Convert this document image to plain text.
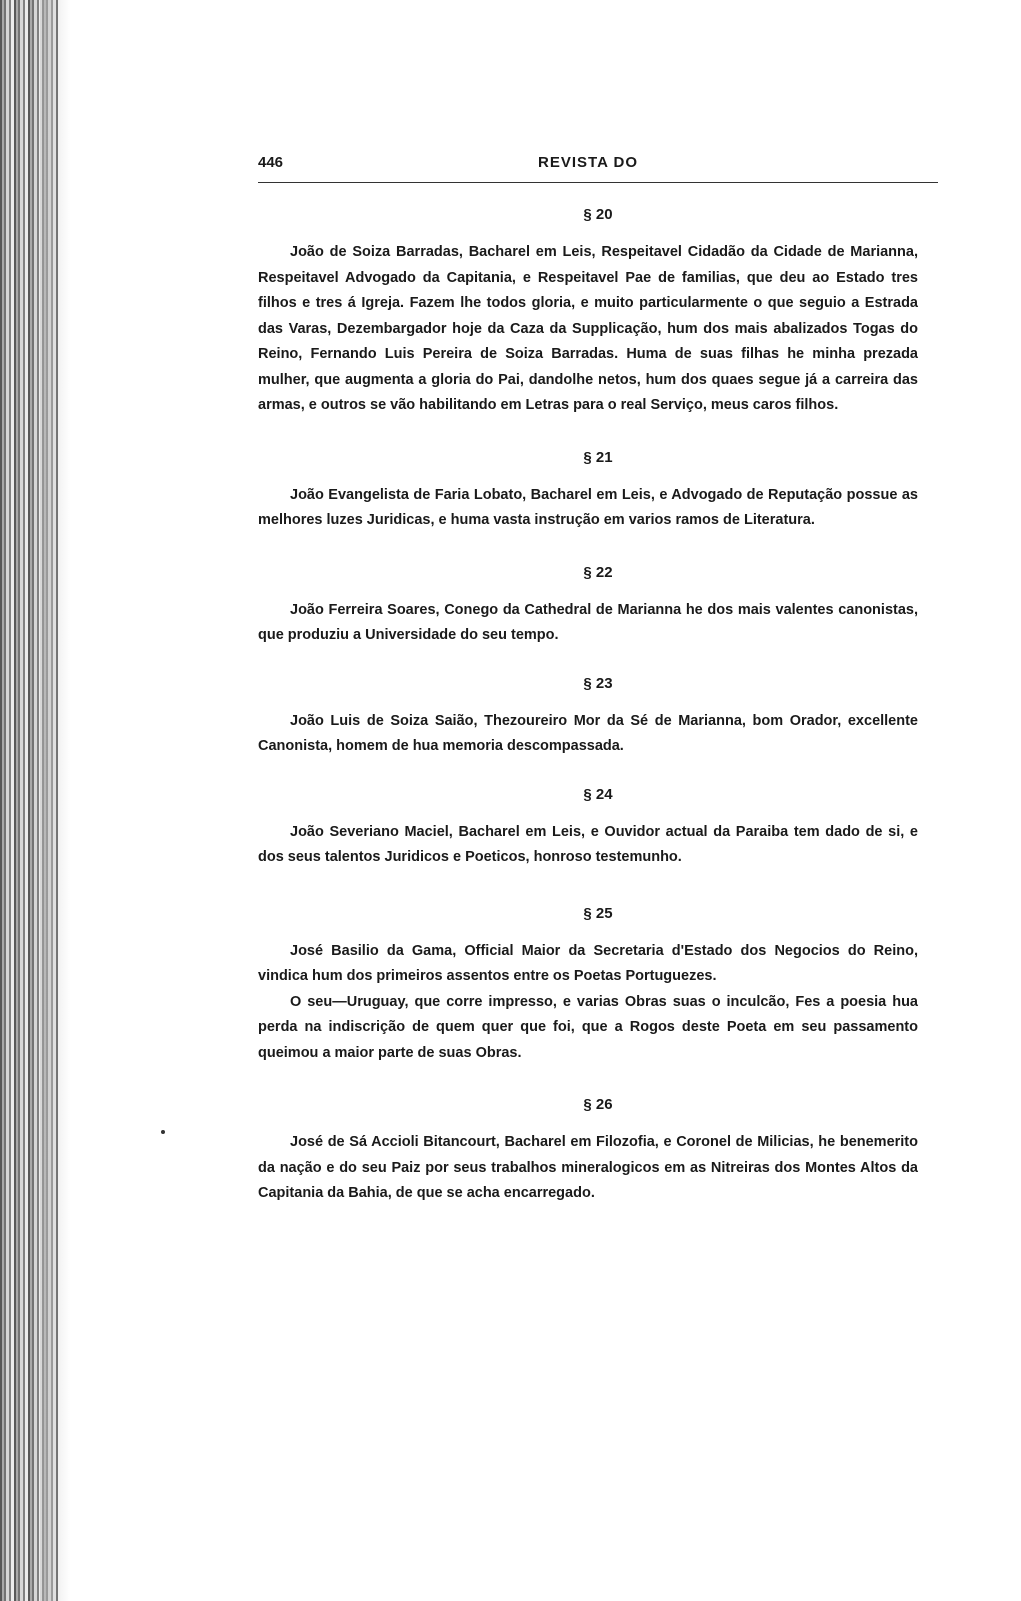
446	REVISTA DO
§ 20

João de Soiza Barradas, Bacharel em Leis, Respeitavel Cidadão da Cidade de Marianna, Respeitavel Advogado da Capitania, e Respeitavel Pae de familias, que deu ao Estado tres filhos e tres á Igreja. Fazem lhe todos gloria, e muito particularmente o que seguio a Estrada das Varas, Dezembargador hoje da Caza da Supplicação, hum dos mais abalizados Togas do Reino, Fernando Luis Pereira de Soiza Barradas. Huma de suas filhas he minha prezada mulher, que augmenta a gloria do Pai, dandolhe netos, hum dos quaes segue já a carreira das armas, e outros se vão habilitando em Letras para o real Serviço, meus caros filhos.

§ 21

João Evangelista de Faria Lobato, Bacharel em Leis, e Advogado de Reputação possue as melhores luzes Juridicas, e huma vasta instrução em varios ramos de Literatura.

§ 22

João Ferreira Soares, Conego da Cathedral de Marianna he dos mais valentes canonistas, que produziu a Universidade do seu tempo.

§ 23

João Luis de Soiza Saião, Thezoureiro Mor da Sé de Marianna, bom Orador, excellente Canonista, homem de hua memoria descompassada.

§ 24

João Severiano Maciel, Bacharel em Leis, e Ouvidor actual da Paraiba tem dado de si, e dos seus talentos Juridicos e Poeticos, honroso testemunho.

§ 25

José Basilio da Gama, Official Maior da Secretaria d'Estado dos Negocios do Reino, vindica hum dos primeiros assentos entre os Poetas Portuguezes.

O seu—Uruguay, que corre impresso, e varias Obras suas o inculcão, Fes a poesia hua perda na indiscrição de quem quer que foi, que a Rogos deste Poeta em seu passamento queimou a maior parte de suas Obras.

§ 26

José de Sá Accioli Bitancourt, Bacharel em Filozofia, e Coronel de Milicias, he benemerito da nação e do seu Paiz por seus trabalhos mineralogicos em as Nitreiras dos Montes Altos da Capitania da Bahia, de que se acha encarregado.
